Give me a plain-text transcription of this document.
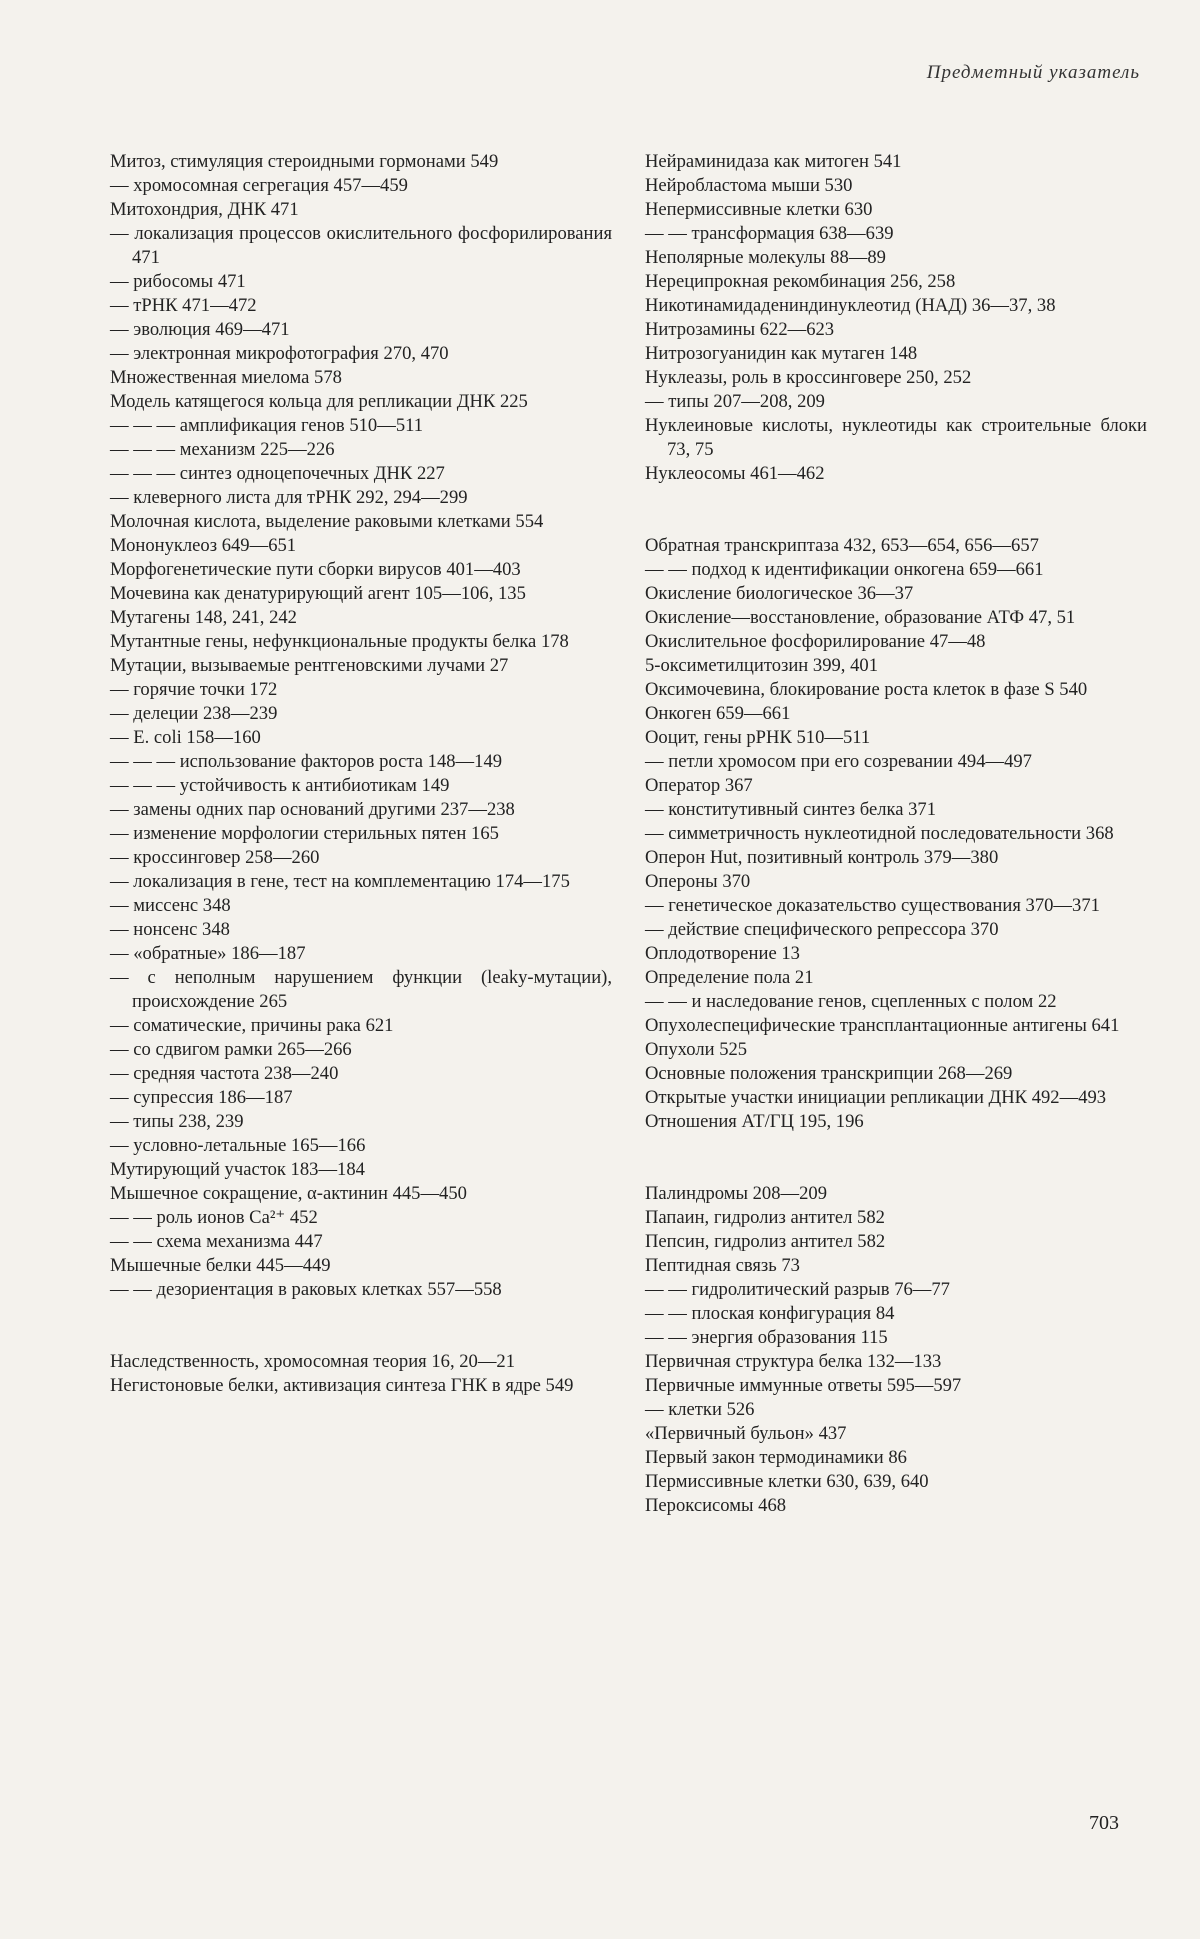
Предметный указатель
Митоз, стимуляция стероидными гормонами 549
— хромосомная сегрегация 457—459
Митохондрия, ДНК 471
— локализация процессов окислительного фосфорилирования 471
— рибосомы 471
— тРНК 471—472
— эволюция 469—471
— электронная микрофотография 270, 470
Множественная миелома 578
Модель катящегося кольца для репликации ДНК 225
— — — амплификация генов 510—511
— — — механизм 225—226
— — — синтез одноцепочечных ДНК 227
— клеверного листа для тРНК 292, 294—299
Молочная кислота, выделение раковыми клетками 554
Мононуклеоз 649—651
Морфогенетические пути сборки вирусов 401—403
Мочевина как денатурирующий агент 105—106, 135
Мутагены 148, 241, 242
Мутантные гены, нефункциональные продукты белка 178
Мутации, вызываемые рентгеновскими лучами 27
— горячие точки 172
— делеции 238—239
— E. coli 158—160
— — — использование факторов роста 148—149
— — — устойчивость к антибиотикам 149
— замены одних пар оснований другими 237—238
— изменение морфологии стерильных пятен 165
— кроссинговер 258—260
— локализация в гене, тест на комплементацию 174—175
— миссенс 348
— нонсенс 348
— «обратные» 186—187
— с неполным нарушением функции (leaky-мутации), происхождение 265
— соматические, причины рака 621
— со сдвигом рамки 265—266
— средняя частота 238—240
— супрессия 186—187
— типы 238, 239
— условно-летальные 165—166
Мутирующий участок 183—184
Мышечное сокращение, α-актинин 445—450
— — роль ионов Ca²⁺ 452
— — схема механизма 447
Мышечные белки 445—449
— — дезориентация в раковых клетках 557—558
Наследственность, хромосомная теория 16, 20—21
Негистоновые белки, активизация синтеза ГНК в ядре 549
Нейраминидаза как митоген 541
Нейробластома мыши 530
Непермиссивные клетки 630
— — трансформация 638—639
Неполярные молекулы 88—89
Нереципрокная рекомбинация 256, 258
Никотинамидадениндинуклеотид (НАД) 36—37, 38
Нитрозамины 622—623
Нитрозогуанидин как мутаген 148
Нуклеазы, роль в кроссинговере 250, 252
— типы 207—208, 209
Нуклеиновые кислоты, нуклеотиды как строительные блоки 73, 75
Нуклеосомы 461—462
Обратная транскриптаза 432, 653—654, 656—657
— — подход к идентификации онкогена 659—661
Окисление биологическое 36—37
Окисление—восстановление, образование АТФ 47, 51
Окислительное фосфорилирование 47—48
5-оксиметилцитозин 399, 401
Оксимочевина, блокирование роста клеток в фазе S 540
Онкоген 659—661
Ооцит, гены рРНК 510—511
— петли хромосом при его созревании 494—497
Оператор 367
— конститутивный синтез белка 371
— симметричность нуклеотидной последовательности 368
Оперон Hut, позитивный контроль 379—380
Опероны 370
— генетическое доказательство существования 370—371
— действие специфического репрессора 370
Оплодотворение 13
Определение пола 21
— — и наследование генов, сцепленных с полом 22
Опухолеспецифические трансплантационные антигены 641
Опухоли 525
Основные положения транскрипции 268—269
Открытые участки инициации репликации ДНК 492—493
Отношения АТ/ГЦ 195, 196
Палиндромы 208—209
Папаин, гидролиз антител 582
Пепсин, гидролиз антител 582
Пептидная связь 73
— — гидролитический разрыв 76—77
— — плоская конфигурация 84
— — энергия образования 115
Первичная структура белка 132—133
Первичные иммунные ответы 595—597
— клетки 526
«Первичный бульон» 437
Первый закон термодинамики 86
Пермиссивные клетки 630, 639, 640
Пероксисомы 468
703
